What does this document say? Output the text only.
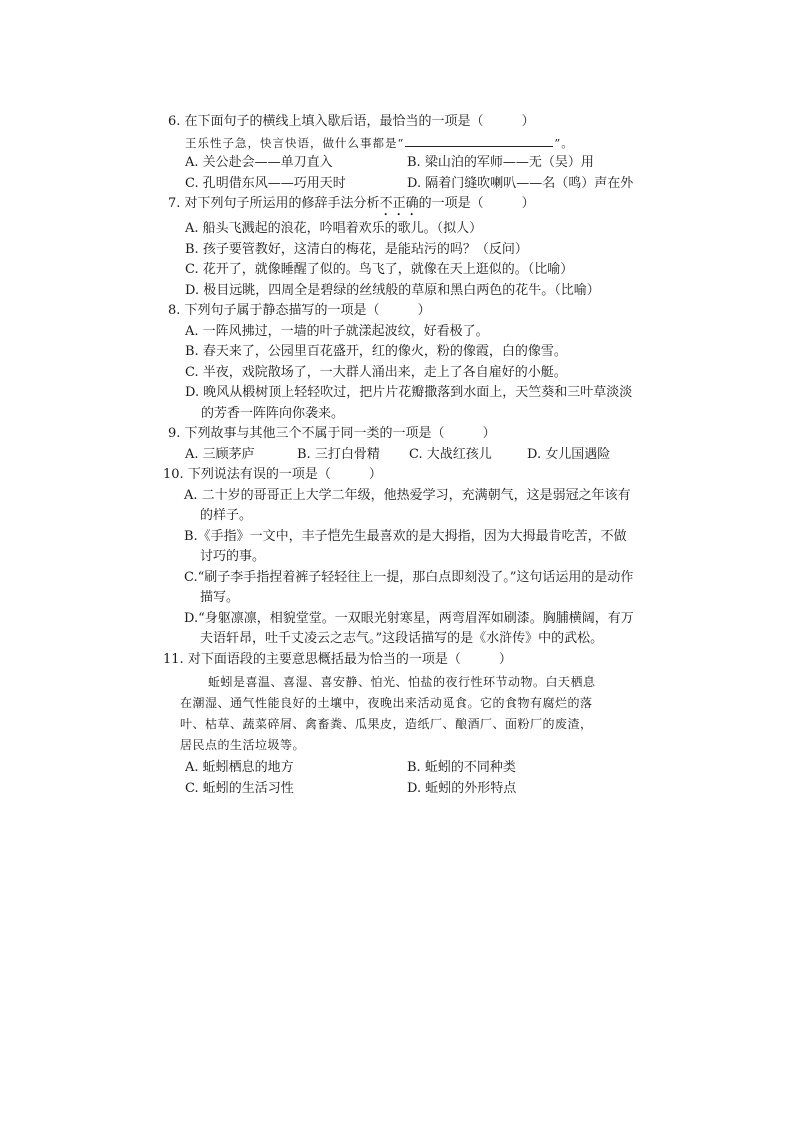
6. 在下面句子的横线上填入歇后语，最恰当的一项是（	）
王乐性子急，快言快语，做什么事都是“	”。
A. 关公赴会——单刀直入	B. 梁山泊的军师——无（吴）用
C. 孔明借东风——巧用天时	D. 隔着门缝吹喇叭——名（鸣）声在外
7. 对下列句子所运用的修辞手法分析不正确的一项是（	）
A. 船头飞溅起的浪花，吟唱着欢乐的歌儿。（拟人）
B. 孩子要管教好，这清白的梅花，是能玷污的吗？（反问）
C. 花开了，就像睡醒了似的。鸟飞了，就像在天上逛似的。（比喻）
D. 极目远眺，四周全是碧绿的丝绒般的草原和黑白两色的花牛。（比喻）
8. 下列句子属于静态描写的一项是（	）
A. 一阵风拂过，一墙的叶子就漾起波纹，好看极了。
B. 春天来了，公园里百花盛开，红的像火，粉的像霞，白的像雪。
C. 半夜，戏院散场了，一大群人涌出来，走上了各自雇好的小艇。
D. 晚风从椴树顶上轻轻吹过，把片片花瓣撒落到水面上，天竺葵和三叶草淡淡的芳香一阵阵向你袭来。
9. 下列故事与其他三个不属于同一类的一项是（	）
A. 三顾茅庐	B. 三打白骨精	C. 大战红孩儿	D. 女儿国遇险
10. 下列说法有误的一项是（	）
A. 二十岁的哥哥正上大学二年级，他热爱学习，充满朝气，这是弱冠之年该有的样子。
B.《手指》一文中，丰子恺先生最喜欢的是大拇指，因为大拇最肯吃苦，不做讨巧的事。
C.“刷子李手指捏着裤子轻轻往上一提，那白点即刻没了。”这句话运用的是动作描写。
D.“身躯凛凛，相貌堂堂。一双眼光射寒星，两弯眉浑如刷漆。胸脯横阔，有万夫语轩昂，吐千丈凌云之志气。”这段话描写的是《水浒传》中的武松。
11. 对下面语段的主要意思概括最为恰当的一项是（	）
蚯蚓是喜温、喜湿、喜安静、怕光、怕盐的夜行性环节动物。白天栖息
在潮湿、通气性能良好的土壤中，夜晚出来活动觅食。它的食物有腐烂的落
叶、枯草、蔬菜碎屑、禽畜粪、瓜果皮，造纸厂、酿酒厂、面粉厂的废渣，
居民点的生活垃圾等。
A. 蚯蚓栖息的地方	B. 蚯蚓的不同种类
C. 蚯蚓的生活习性	D. 蚯蚓的外形特点
